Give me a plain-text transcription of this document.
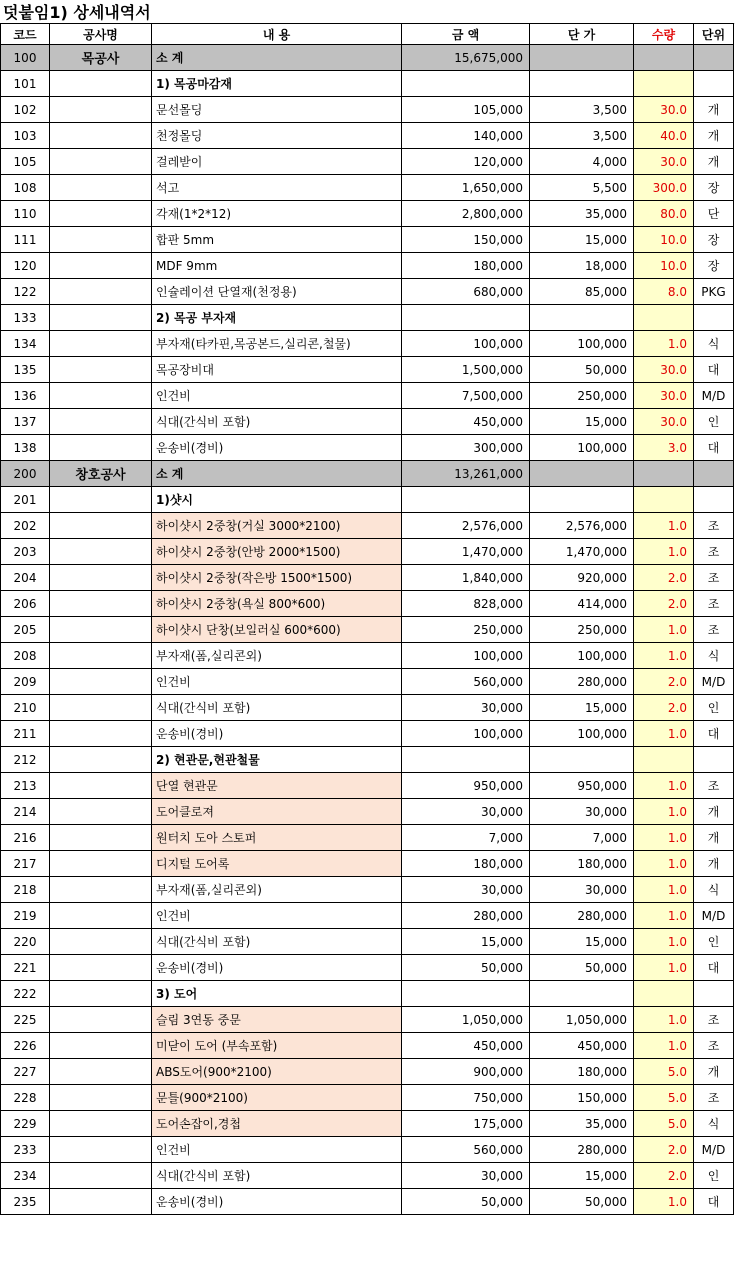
덧붙임1) 상세내역서
코드	공사명	내 용	금 액	단 가	수량	단위
100	목공사	소 계	15,675,000			
101		1) 목공마감재				
102		문선몰딩	105,000	3,500	30.0	개
103		천정몰딩	140,000	3,500	40.0	개
105		걸레받이	120,000	4,000	30.0	개
108		석고	1,650,000	5,500	300.0	장
110		각재(1*2*12)	2,800,000	35,000	80.0	단
111		합판 5mm	150,000	15,000	10.0	장
120		MDF 9mm	180,000	18,000	10.0	장
122		인슐레이션 단열재(천정용)	680,000	85,000	8.0	PKG
133		2) 목공 부자재				
134		부자재(타카핀,목공본드,실리콘,철물)	100,000	100,000	1.0	식
135		목공장비대	1,500,000	50,000	30.0	대
136		인건비	7,500,000	250,000	30.0	M/D
137		식대(간식비 포함)	450,000	15,000	30.0	인
138		운송비(경비)	300,000	100,000	3.0	대
200	창호공사	소 계	13,261,000			
201		1)샷시				
202		하이샷시 2중창(거실 3000*2100)	2,576,000	2,576,000	1.0	조
203		하이샷시 2중창(안방 2000*1500)	1,470,000	1,470,000	1.0	조
204		하이샷시 2중창(작은방 1500*1500)	1,840,000	920,000	2.0	조
206		하이샷시 2중창(욕실 800*600)	828,000	414,000	2.0	조
205		하이샷시 단창(보일러실 600*600)	250,000	250,000	1.0	조
208		부자재(폼,실리콘외)	100,000	100,000	1.0	식
209		인건비	560,000	280,000	2.0	M/D
210		식대(간식비 포함)	30,000	15,000	2.0	인
211		운송비(경비)	100,000	100,000	1.0	대
212		2) 현관문,현관철물				
213		단열 현관문	950,000	950,000	1.0	조
214		도어클로져	30,000	30,000	1.0	개
216		원터치 도아 스토퍼	7,000	7,000	1.0	개
217		디지털 도어록	180,000	180,000	1.0	개
218		부자재(폼,실리콘외)	30,000	30,000	1.0	식
219		인건비	280,000	280,000	1.0	M/D
220		식대(간식비 포함)	15,000	15,000	1.0	인
221		운송비(경비)	50,000	50,000	1.0	대
222		3) 도어				
225		슬림 3연동 중문	1,050,000	1,050,000	1.0	조
226		미닫이 도어 (부속포함)	450,000	450,000	1.0	조
227		ABS도어(900*2100)	900,000	180,000	5.0	개
228		문틀(900*2100)	750,000	150,000	5.0	조
229		도어손잡이,경첩	175,000	35,000	5.0	식
233		인건비	560,000	280,000	2.0	M/D
234		식대(간식비 포함)	30,000	15,000	2.0	인
235		운송비(경비)	50,000	50,000	1.0	대
